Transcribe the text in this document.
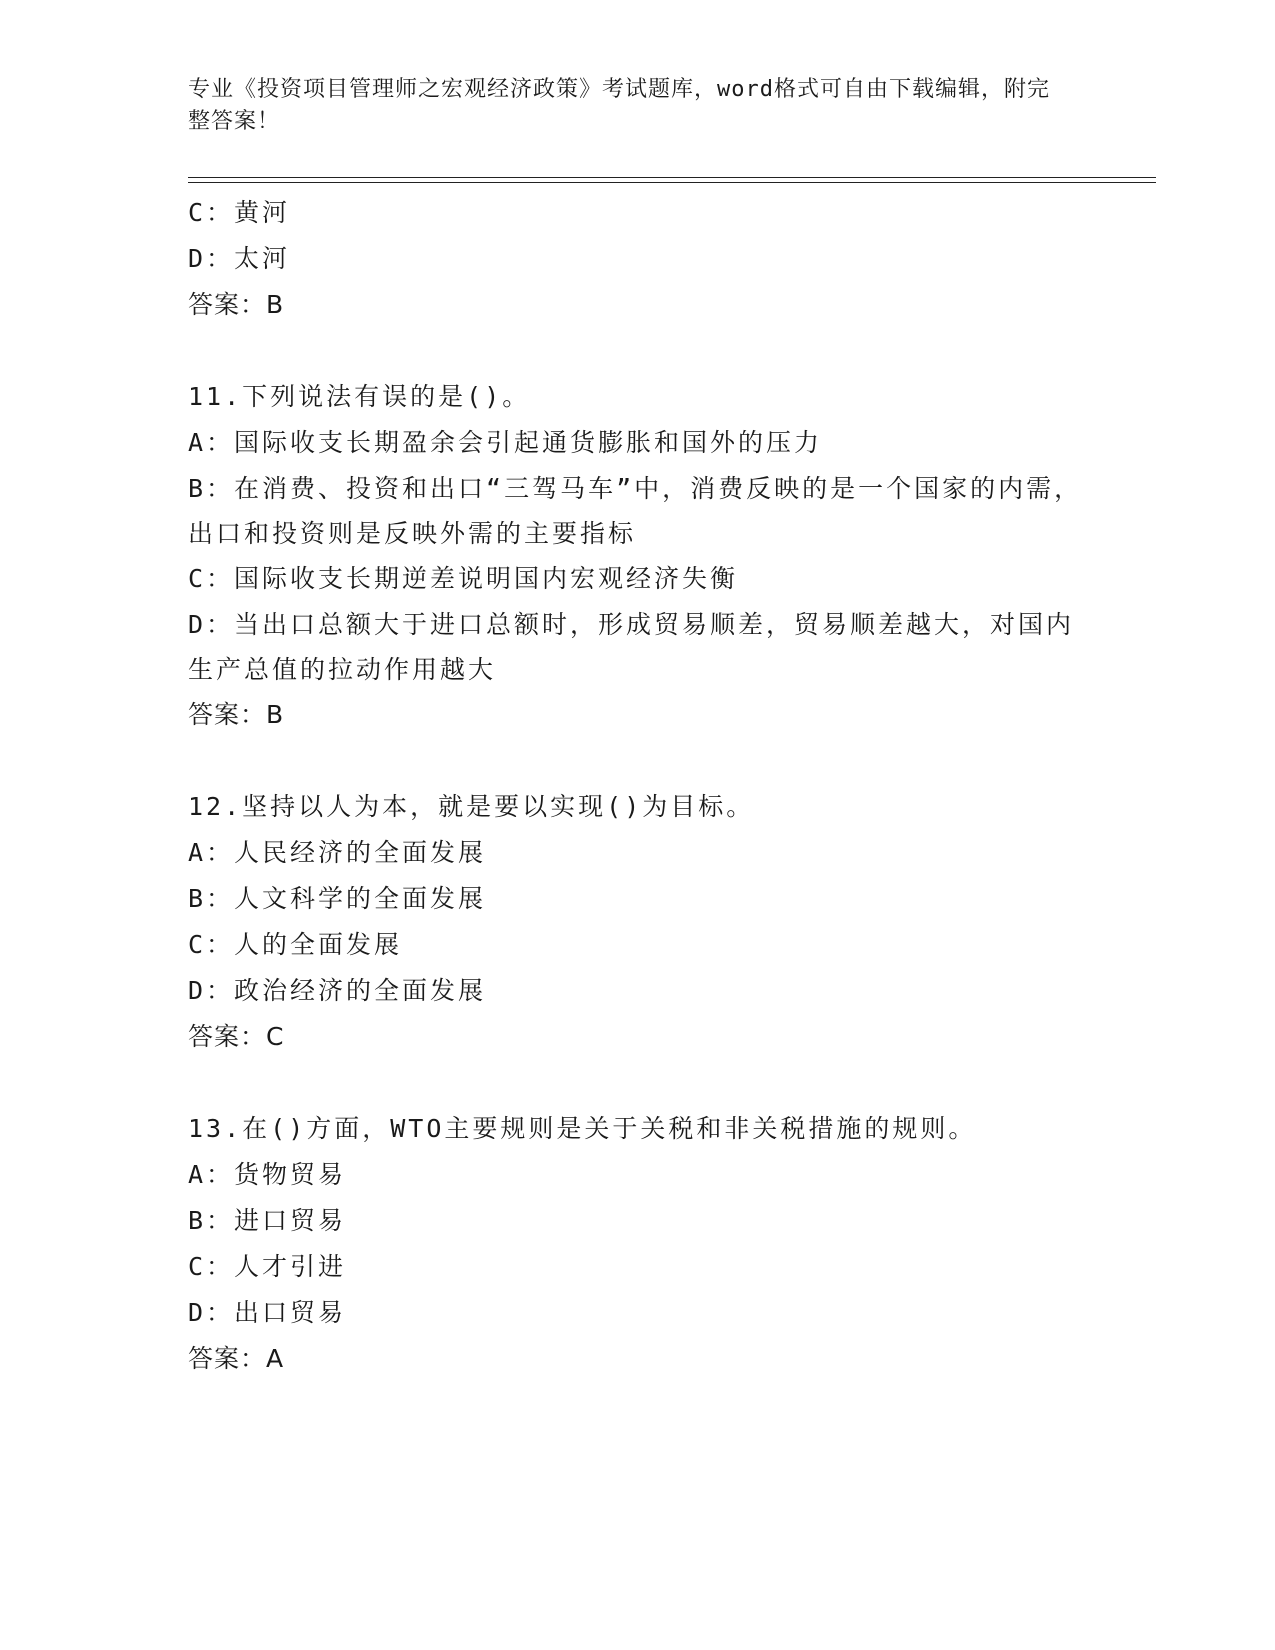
专业《投资项目管理师之宏观经济政策》考试题库，word格式可自由下载编辑，附完整答案！
C：黄河
D：太河
答案：B
11.下列说法有误的是()。
A：国际收支长期盈余会引起通货膨胀和国外的压力
B：在消费、投资和出口“三驾马车”中，消费反映的是一个国家的内需，出口和投资则是反映外需的主要指标
C：国际收支长期逆差说明国内宏观经济失衡
D：当出口总额大于进口总额时，形成贸易顺差，贸易顺差越大，对国内生产总值的拉动作用越大
答案：B
12.坚持以人为本，就是要以实现()为目标。
A：人民经济的全面发展
B：人文科学的全面发展
C：人的全面发展
D：政治经济的全面发展
答案：C
13.在()方面，WTO主要规则是关于关税和非关税措施的规则。
A：货物贸易
B：进口贸易
C：人才引进
D：出口贸易
答案：A
